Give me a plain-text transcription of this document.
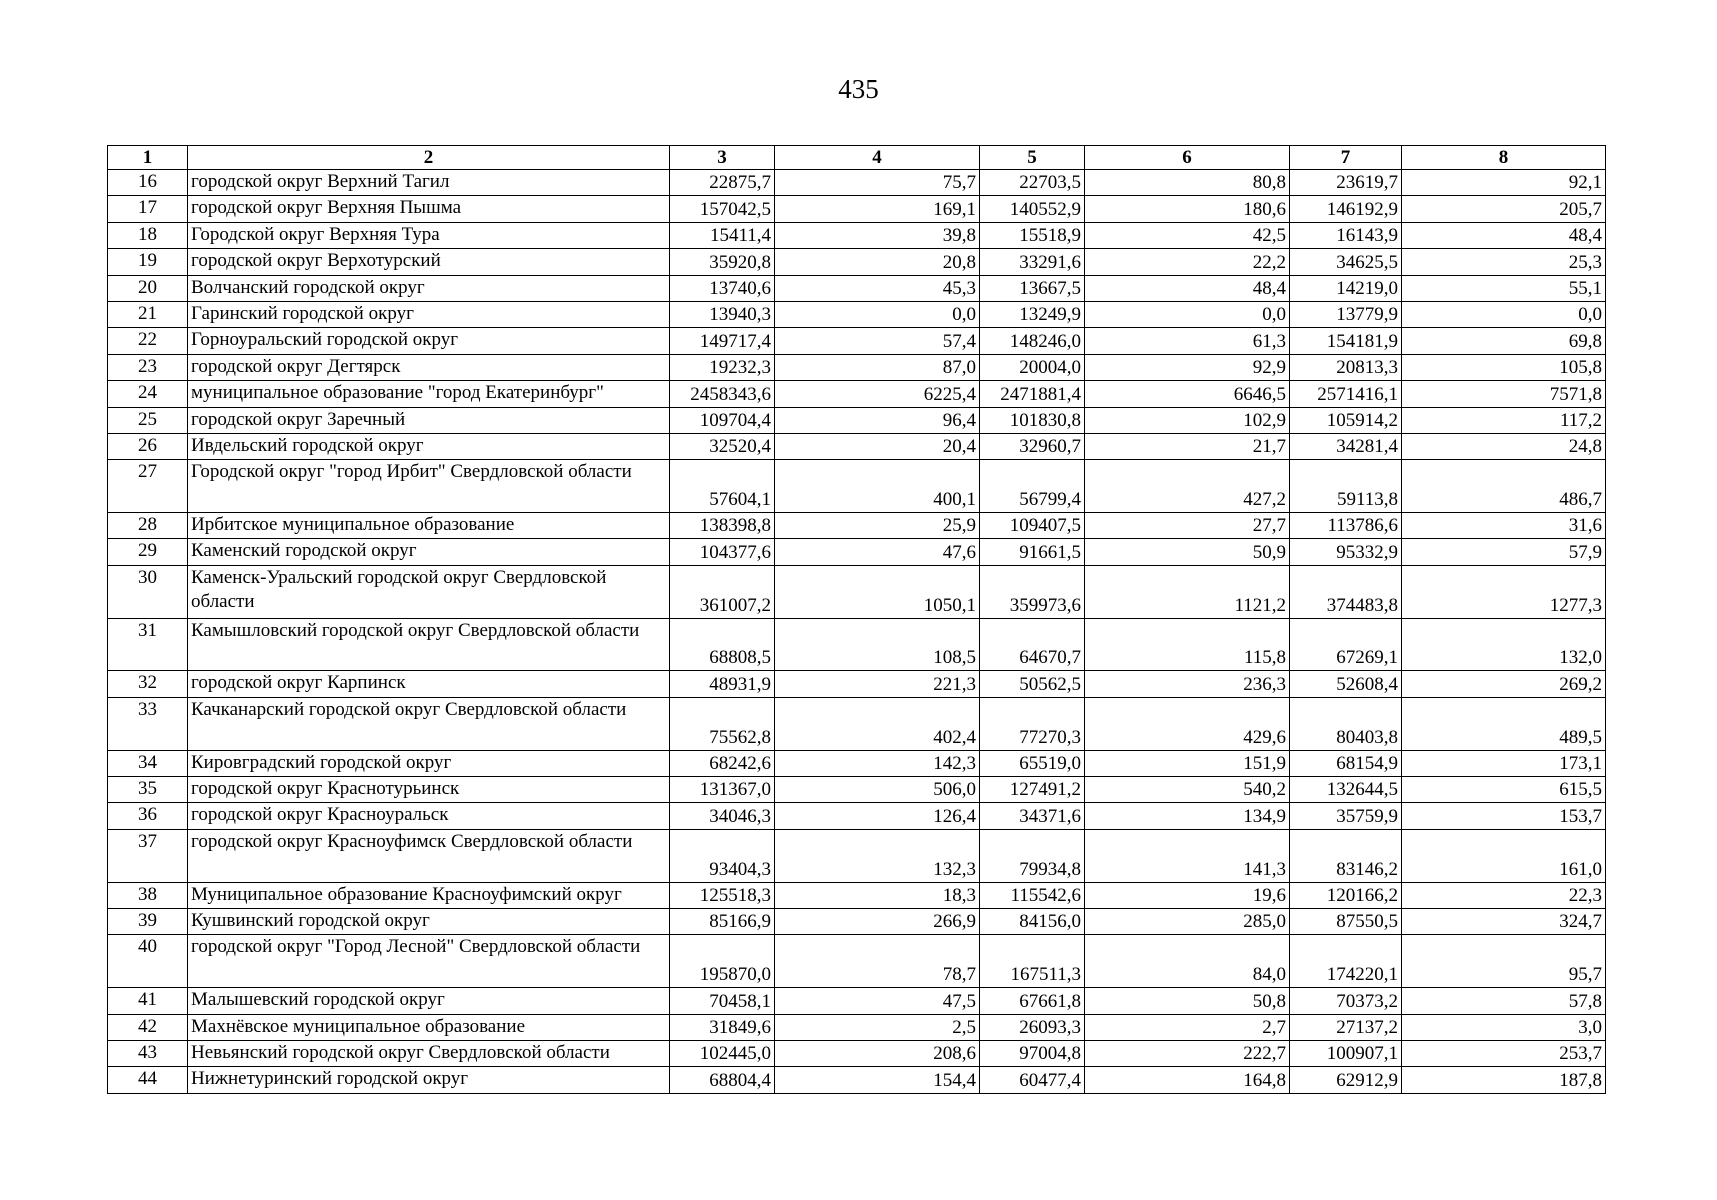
435
1	2	3	4	5	6	7	8
16	городской округ Верхний Тагил	22875,7	75,7	22703,5	80,8	23619,7	92,1
17	городской округ Верхняя Пышма	157042,5	169,1	140552,9	180,6	146192,9	205,7
18	Городской округ Верхняя Тура	15411,4	39,8	15518,9	42,5	16143,9	48,4
19	городской округ Верхотурский	35920,8	20,8	33291,6	22,2	34625,5	25,3
20	Волчанский городской округ	13740,6	45,3	13667,5	48,4	14219,0	55,1
21	Гаринский городской округ	13940,3	0,0	13249,9	0,0	13779,9	0,0
22	Горноуральский городской округ	149717,4	57,4	148246,0	61,3	154181,9	69,8
23	городской округ Дегтярск	19232,3	87,0	20004,0	92,9	20813,3	105,8
24	муниципальное образование "город Екатеринбург"	2458343,6	6225,4	2471881,4	6646,5	2571416,1	7571,8
25	городской округ Заречный	109704,4	96,4	101830,8	102,9	105914,2	117,2
26	Ивдельский городской округ	32520,4	20,4	32960,7	21,7	34281,4	24,8
27	Городской округ "город Ирбит" Свердловской области	57604,1	400,1	56799,4	427,2	59113,8	486,7
28	Ирбитское муниципальное образование	138398,8	25,9	109407,5	27,7	113786,6	31,6
29	Каменский городской округ	104377,6	47,6	91661,5	50,9	95332,9	57,9
30	Каменск-Уральский городской округ Свердловской области	361007,2	1050,1	359973,6	1121,2	374483,8	1277,3
31	Камышловский городской округ Свердловской области	68808,5	108,5	64670,7	115,8	67269,1	132,0
32	городской округ Карпинск	48931,9	221,3	50562,5	236,3	52608,4	269,2
33	Качканарский городской округ Свердловской области	75562,8	402,4	77270,3	429,6	80403,8	489,5
34	Кировградский городской округ	68242,6	142,3	65519,0	151,9	68154,9	173,1
35	городской округ Краснотурьинск	131367,0	506,0	127491,2	540,2	132644,5	615,5
36	городской округ Красноуральск	34046,3	126,4	34371,6	134,9	35759,9	153,7
37	городской округ Красноуфимск Свердловской области	93404,3	132,3	79934,8	141,3	83146,2	161,0
38	Муниципальное образование Красноуфимский округ	125518,3	18,3	115542,6	19,6	120166,2	22,3
39	Кушвинский городской округ	85166,9	266,9	84156,0	285,0	87550,5	324,7
40	городской округ "Город Лесной" Свердловской области	195870,0	78,7	167511,3	84,0	174220,1	95,7
41	Малышевский городской округ	70458,1	47,5	67661,8	50,8	70373,2	57,8
42	Махнёвское муниципальное образование	31849,6	2,5	26093,3	2,7	27137,2	3,0
43	Невьянский городской округ Свердловской области	102445,0	208,6	97004,8	222,7	100907,1	253,7
44	Нижнетуринский городской округ	68804,4	154,4	60477,4	164,8	62912,9	187,8
